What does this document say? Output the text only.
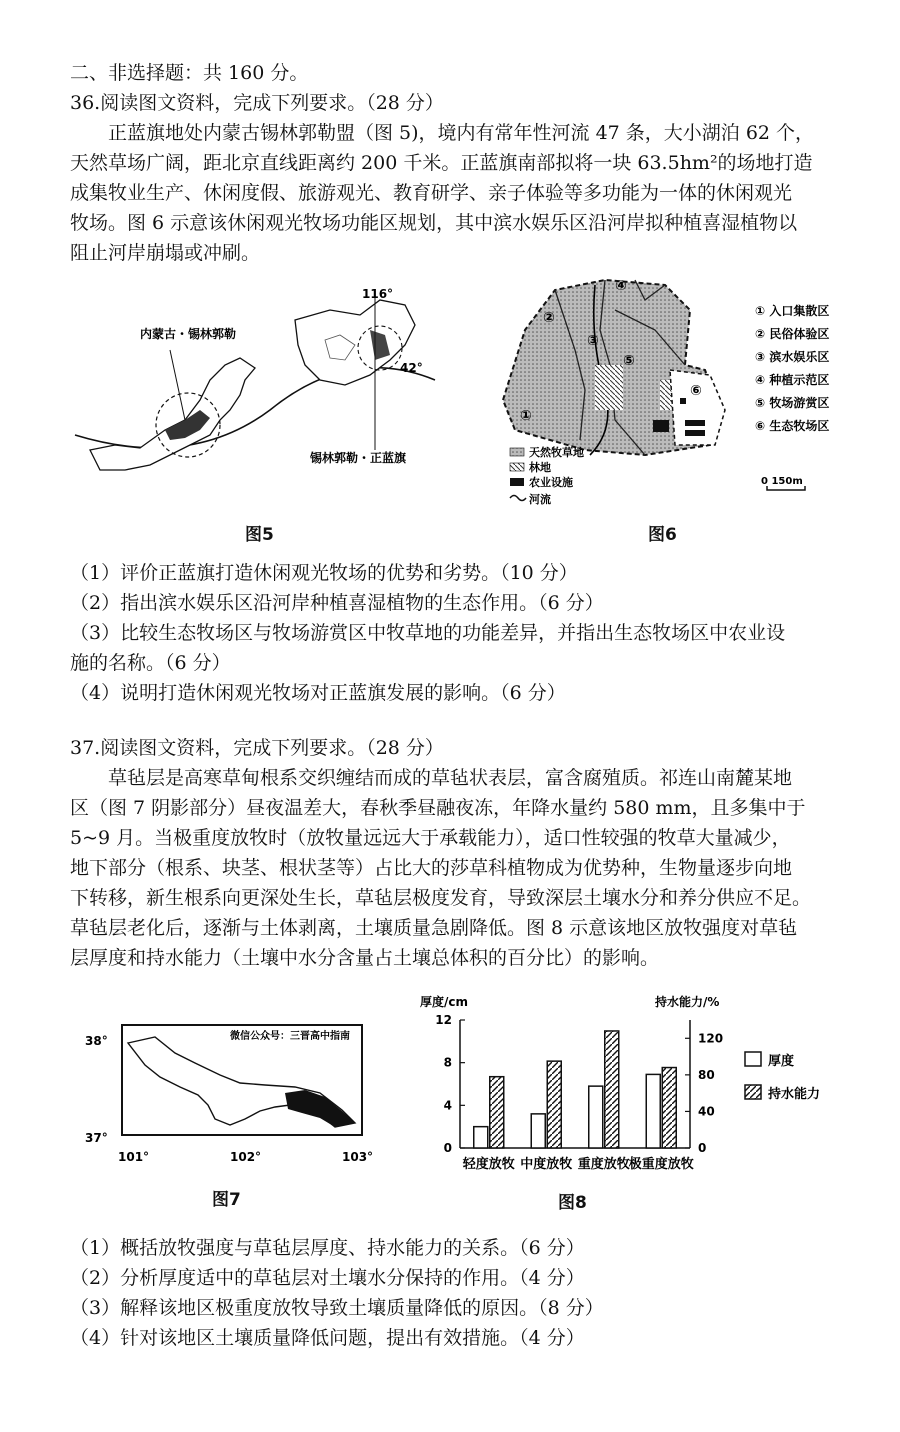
二、非选择题：共 160 分。
36.阅读图文资料，完成下列要求。（28 分）
正蓝旗地处内蒙古锡林郭勒盟（图 5)，境内有常年性河流 47 条，大小湖泊 62 个，
天然草场广阔，距北京直线距离约 200 千米。正蓝旗南部拟将一块 63.5hm²的场地打造
成集牧业生产、休闲度假、旅游观光、教育研学、亲子体验等多功能为一体的休闲观光
牧场。图 6 示意该休闲观光牧场功能区规划，其中滨水娱乐区沿河岸拟种植喜湿植物以
阻止河岸崩塌或冲刷。
内蒙古・锡林郭勒
116°
42°
锡林郭勒・正蓝旗
图5
②
③
④
⑤
⑥
①
天然牧草地
林地
农业设施
河流
① 入口集散区
② 民俗体验区
③ 滨水娱乐区
④ 种植示范区
⑤ 牧场游赏区
⑥ 生态牧场区
0 150m
图6
（1）评价正蓝旗打造休闲观光牧场的优势和劣势。（10 分）
（2）指出滨水娱乐区沿河岸种植喜湿植物的生态作用。（6 分）
（3）比较生态牧场区与牧场游赏区中牧草地的功能差异，并指出生态牧场区中农业设
施的名称。（6 分）
（4）说明打造休闲观光牧场对正蓝旗发展的影响。（6 分）
37.阅读图文资料，完成下列要求。（28 分）
草毡层是高寒草甸根系交织缠结而成的草毡状表层，富含腐殖质。祁连山南麓某地
区（图 7 阴影部分）昼夜温差大，春秋季昼融夜冻，年降水量约 580 mm，且多集中于
5~9 月。当极重度放牧时（放牧量远远大于承载能力），适口性较强的牧草大量减少，
地下部分（根系、块茎、根状茎等）占比大的莎草科植物成为优势种，生物量逐步向地
下转移，新生根系向更深处生长，草毡层极度发育，导致深层土壤水分和养分供应不足。
草毡层老化后，逐渐与土体剥离，土壤质量急剧降低。图 8 示意该地区放牧强度对草毡
层厚度和持水能力（土壤中水分含量占土壤总体积的百分比）的影响。
微信公众号：三晋高中指南
38°
37°
101°	102°	103°
图7
厚度/cm	持水能力/%
0
4
8
12
0
40
80
120
轻度放牧 中度放牧 重度放牧
极重度放牧
厚度
持水能力
图8
（1）概括放牧强度与草毡层厚度、持水能力的关系。（6 分）
（2）分析厚度适中的草毡层对土壤水分保持的作用。（4 分）
（3）解释该地区极重度放牧导致土壤质量降低的原因。（8 分）
（4）针对该地区土壤质量降低问题，提出有效措施。（4 分）
